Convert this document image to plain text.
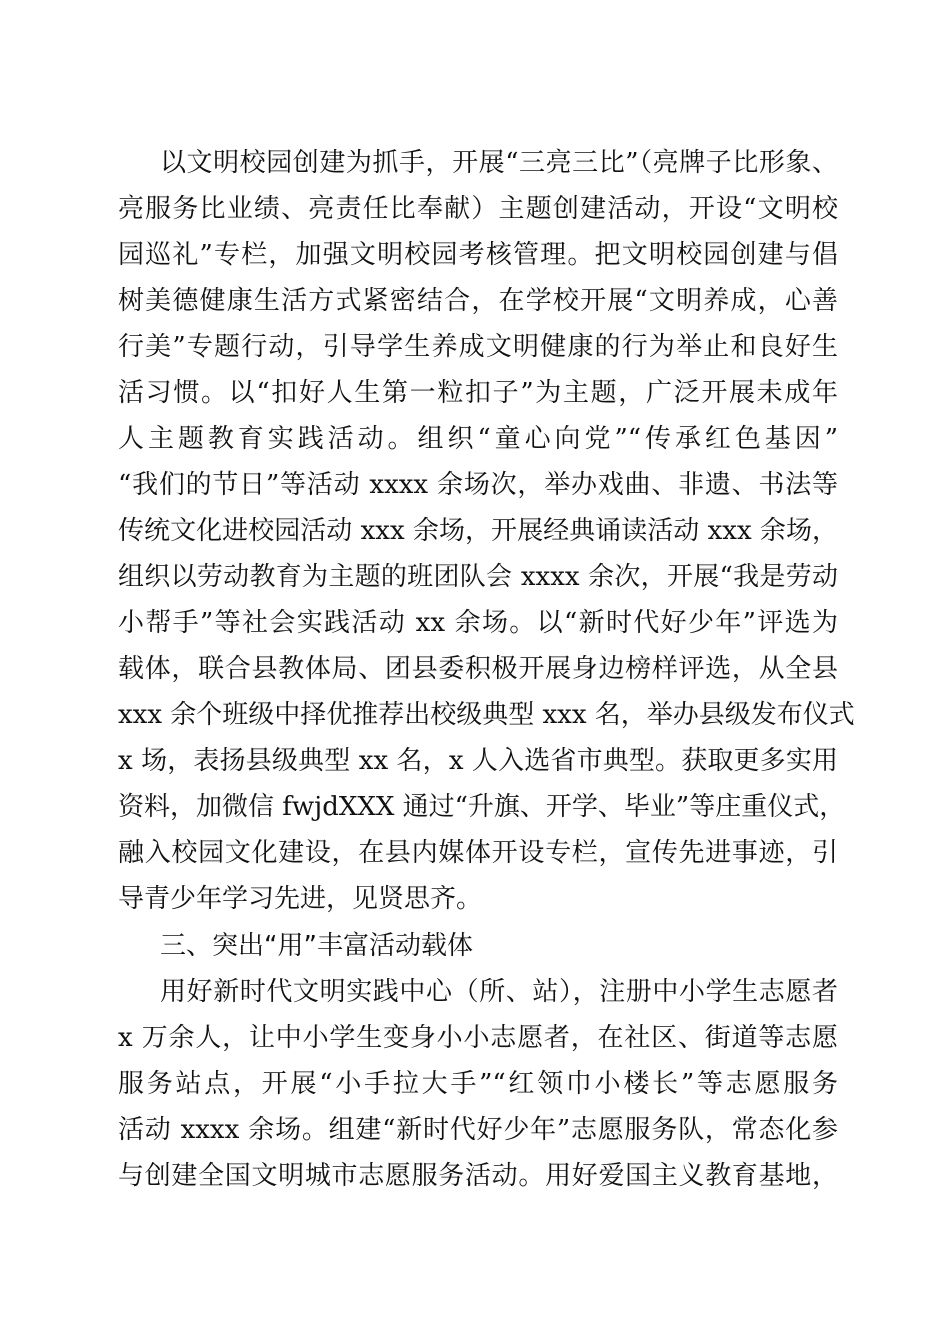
以文明校园创建为抓手，开展“三亮三比”（亮牌子比形象、
亮服务比业绩、亮责任比奉献）主题创建活动，开设“文明校
园巡礼”专栏，加强文明校园考核管理。把文明校园创建与倡
树美德健康生活方式紧密结合，在学校开展“文明养成，心善
行美”专题行动，引导学生养成文明健康的行为举止和良好生
活习惯。以“扣好人生第一粒扣子”为主题，广泛开展未成年
人主题教育实践活动。组织“童心向党”“传承红色基因”
“我们的节日”等活动 xxxx 余场次，举办戏曲、非遗、书法等
传统文化进校园活动 xxx 余场，开展经典诵读活动 xxx 余场，
组织以劳动教育为主题的班团队会 xxxx 余次，开展“我是劳动
小帮手”等社会实践活动 xx 余场。以“新时代好少年”评选为
载体，联合县教体局、团县委积极开展身边榜样评选，从全县
xxx 余个班级中择优推荐出校级典型 xxx 名，举办县级发布仪式
x 场，表扬县级典型 xx 名，x 人入选省市典型。获取更多实用
资料，加微信 fwjdXXX 通过“升旗、开学、毕业”等庄重仪式，
融入校园文化建设，在县内媒体开设专栏，宣传先进事迹，引
导青少年学习先进，见贤思齐。
三、突出“用”丰富活动载体
用好新时代文明实践中心（所、站），注册中小学生志愿者
x 万余人，让中小学生变身小小志愿者，在社区、街道等志愿
服务站点，开展“小手拉大手”“红领巾小楼长”等志愿服务
活动 xxxx 余场。组建“新时代好少年”志愿服务队，常态化参
与创建全国文明城市志愿服务活动。用好爱国主义教育基地，
